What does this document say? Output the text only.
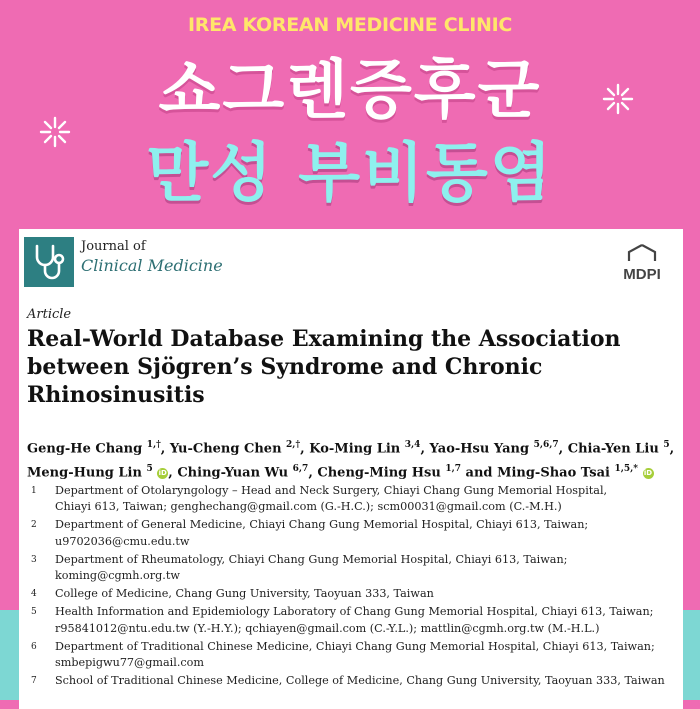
IREA KOREAN MEDICINE CLINIC
쇼그렌증후군
만성 부비동염
Journal of
Clinical Medicine	MDPI
Article
Real-World Database Examining the Association between Sjögren’s Syndrome and Chronic Rhinosinusitis
Geng-He Chang $^{1,\dagger}$, Yu-Cheng Chen $^{2,\dagger}$, Ko-Ming Lin $^{3,4}$, Yao-Hsu Yang $^{5,6,7}$, Chia-Yen Liu $^5$,
Meng-Hung Lin $^5$ iD, Ching-Yuan Wu $^{6,7}$, Cheng-Ming Hsu $^{1,7}$ and Ming-Shao Tsai $^{1,5,*}$ iD
1	Department of Otolaryngology – Head and Neck Surgery, Chiayi Chang Gung Memorial Hospital,
Chiayi 613, Taiwan; genghechang@gmail.com (G.-H.C.); scm00031@gmail.com (C.-M.H.)
2	Department of General Medicine, Chiayi Chang Gung Memorial Hospital, Chiayi 613, Taiwan;
u9702036@cmu.edu.tw
3	Department of Rheumatology, Chiayi Chang Gung Memorial Hospital, Chiayi 613, Taiwan;
koming@cgmh.org.tw
4	College of Medicine, Chang Gung University, Taoyuan 333, Taiwan
5	Health Information and Epidemiology Laboratory of Chang Gung Memorial Hospital, Chiayi 613, Taiwan;
r95841012@ntu.edu.tw (Y.-H.Y.); qchiayen@gmail.com (C.-Y.L.); mattlin@cgmh.org.tw (M.-H.L.)
6	Department of Traditional Chinese Medicine, Chiayi Chang Gung Memorial Hospital, Chiayi 613, Taiwan;
smbepigwu77@gmail.com
7	School of Traditional Chinese Medicine, College of Medicine, Chang Gung University, Taoyuan 333, Taiwan
